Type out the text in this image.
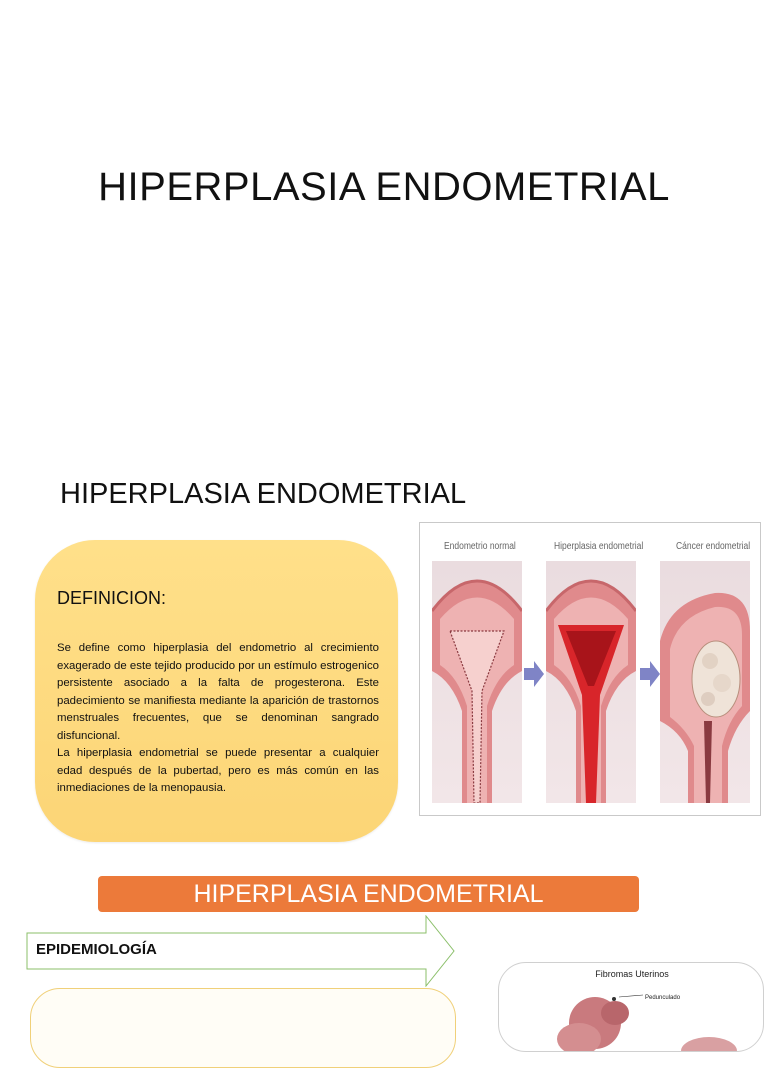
HIPERPLASIA ENDOMETRIAL
HIPERPLASIA ENDOMETRIAL
DEFINICION:
Se define como hiperplasia del endometrio al crecimiento exagerado de este tejido producido por un estímulo estrogenico persistente asociado a la falta de progesterona. Este padecimiento se manifiesta mediante la aparición de trastornos menstruales frecuentes, que se denominan sangrado disfuncional.
La hiperplasia endometrial se puede presentar a cualquier edad después de la pubertad, pero es más común en las inmediaciones de la menopausia.
Endometrio normal	Hiperplasia endometrial	Cáncer endometrial
HIPERPLASIA ENDOMETRIAL
EPIDEMIOLOGÍA
Fibromas Uterinos
Pedunculado
